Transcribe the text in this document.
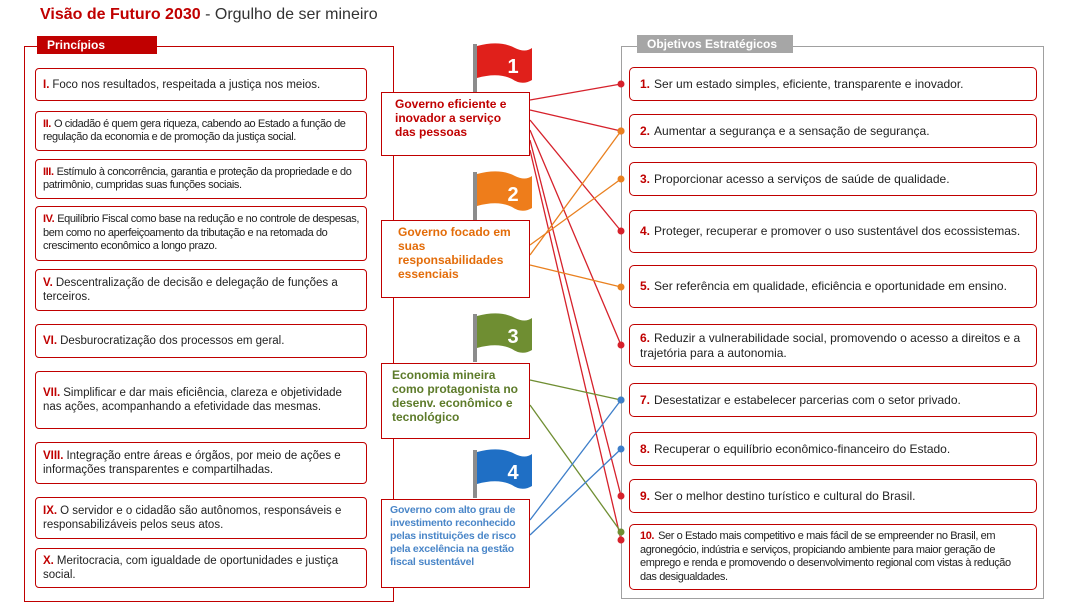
Visão de Futuro 2030 - Orgulho de ser mineiro
Princípios	Objetivos Estratégicos
I. Foco nos resultados, respeitada a justiça nos meios.
II. O cidadão é quem gera riqueza, cabendo ao Estado a função de regulação da economia e de promoção da justiça social.
III. Estímulo à concorrência, garantia e proteção da propriedade e do patrimônio, cumpridas suas funções sociais.
IV. Equilíbrio Fiscal como base na redução e no controle de despesas, bem como no aperfeiçoamento da tributação e na retomada do crescimento econômico a longo prazo.
V. Descentralização de decisão e delegação de funções a terceiros.
VI. Desburocratização dos processos em geral.
VII. Simplificar e dar mais eficiência, clareza e objetividade nas ações, acompanhando a efetividade das mesmas.
VIII. Integração entre áreas e órgãos, por meio de ações e informações transparentes e compartilhadas.
IX. O servidor e o cidadão são autônomos, responsáveis e responsabilizáveis pelos seus atos.
X. Meritocracia, com igualdade de oportunidades e justiça social.
1
2
3
4
Governo eficiente e inovador a serviço das pessoas
Governo focado em suas responsabilidades essenciais
Economia mineira como protagonista no desenv. econômico e tecnológico
Governo com alto grau de investimento reconhecido pelas instituições de risco pela excelência na gestão fiscal sustentável
1. Ser um estado simples, eficiente, transparente e inovador.
2. Aumentar a segurança e a sensação de segurança.
3. Proporcionar acesso a serviços de saúde de qualidade.
4. Proteger, recuperar e promover o uso sustentável dos ecossistemas.
5. Ser referência em qualidade, eficiência e oportunidade em ensino.
6. Reduzir a vulnerabilidade social, promovendo o acesso a direitos e a trajetória para a autonomia.
7. Desestatizar e estabelecer parcerias com o setor privado.
8. Recuperar o equilíbrio econômico-financeiro do Estado.
9. Ser o melhor destino turístico e cultural do Brasil.
10. Ser o Estado mais competitivo e mais fácil de se empreender no Brasil, em agronegócio, indústria e serviços, propiciando ambiente para maior geração de emprego e renda e promovendo o desenvolvimento regional com vistas à redução das desigualdades.
